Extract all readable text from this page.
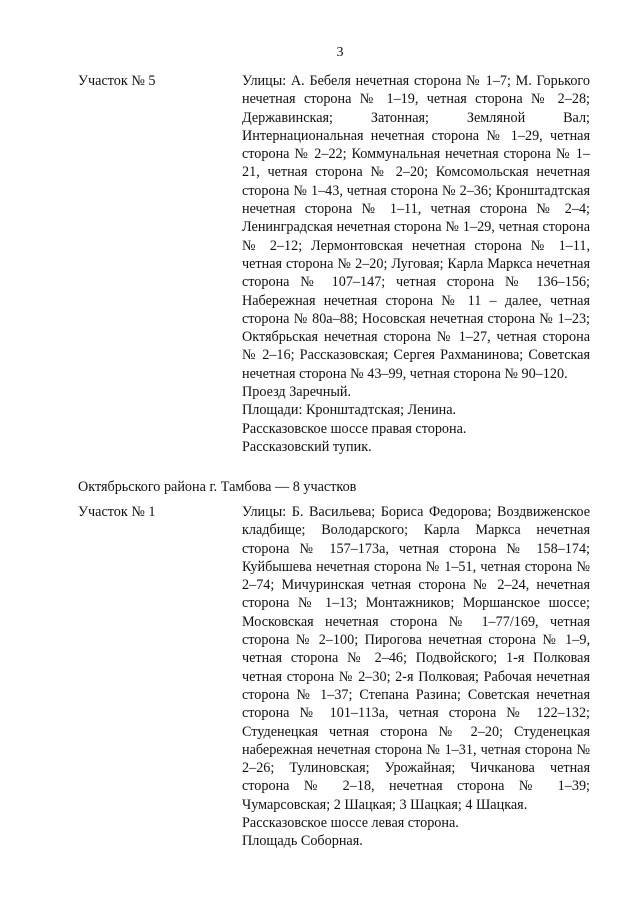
3
Участок № 5	Улицы: А. Бебеля нечетная сторона № 1–7; М. Горького нечетная сторона № 1–19, четная сторона № 2–28; Державинская; Затонная; Земляной Вал; Интернациональная нечетная сторона № 1–29, четная сторона № 2–22; Коммунальная нечетная сторона № 1–21, четная сторона № 2–20; Комсомольская нечетная сторона № 1–43, четная сторона № 2–36; Кронштадтская нечетная сторона № 1–11, четная сторона № 2–4; Ленинградская нечетная сторона № 1–29, четная сторона № 2–12; Лермонтовская нечетная сторона № 1–11, четная сторона № 2–20; Луговая; Карла Маркса нечетная сторона № 107–147; четная сторона № 136–156; Набережная нечетная сторона № 11 – далее, четная сторона № 80а–88; Носовская нечетная сторона № 1–23; Октябрьская нечетная сторона № 1–27, четная сторона № 2–16; Рассказовская; Сергея Рахманинова; Советская нечетная сторона № 43–99, четная сторона № 90–120.
Проезд Заречный.
Площади: Кронштадтская; Ленина.
Рассказовское шоссе правая сторона.
Рассказовский тупик.
Октябрьского района г. Тамбова — 8 участков
Участок № 1	Улицы: Б. Васильева; Бориса Федорова; Воздвиженское кладбище; Володарского; Карла Маркса нечетная сторона № 157–173а, четная сторона № 158–174; Куйбышева нечетная сторона № 1–51, четная сторона № 2–74; Мичуринская четная сторона № 2–24, нечетная сторона № 1–13; Монтажников; Моршанское шоссе; Московская нечетная сторона № 1–77/169, четная сторона № 2–100; Пирогова нечетная сторона № 1–9, четная сторона № 2–46; Подвойского; 1-я Полковая четная сторона № 2–30; 2-я Полковая; Рабочая нечетная сторона № 1–37; Степана Разина; Советская нечетная сторона № 101–113а, четная сторона № 122–132; Студенецкая четная сторона № 2–20; Студенецкая набережная нечетная сторона № 1–31, четная сторона № 2–26; Тулиновская; Урожайная; Чичканова четная сторона № 2–18, нечетная сторона № 1–39; Чумарсовская; 2 Шацкая; 3 Шацкая; 4 Шацкая.
Рассказовское шоссе левая сторона.
Площадь Соборная.
